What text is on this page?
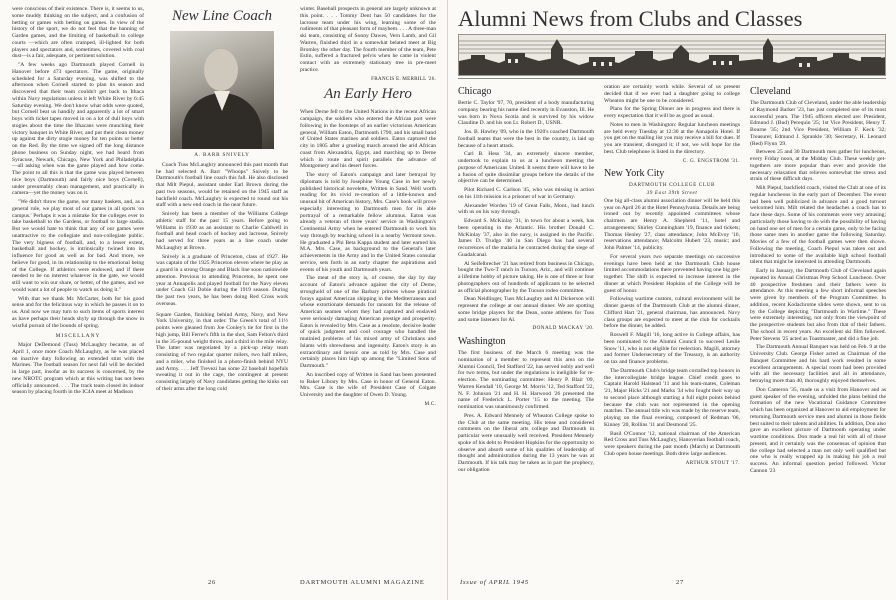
were conscious of their existence. There is, it seems to us, some muddy thinking on the subject, and a confusion of betting or games with betting on games. In view of the history of the sport, we do not feel that the banning of Garden games, and the limiting of basketball to college courts —which are often cramped, ill-lighted for both players and spectators and, sometimes, covered with coal dust—is a fair, adequate, or pertinent solution.

"A few weeks ago Dartmouth played Cornell in Hanover before 473 spectators. The game, originally scheduled for a Saturday evening, was shifted to the afternoon when Cornell started to plan its season and discovered that their team couldn't get back to Ithaca within Navy regulations unless it left White River by 6:45 Saturday evening. We don't know what odds were quoted, but Cornell beat us handily and apparently a lot of smart boys with ticket tapes moved in on a lot of dull boys with stogies about the time the Ithacans were munching their victory banquet in White River, and put their clean money up against the dirty stogie money for ten points or better on the Red. By the time we signed off the long distance phone business on Sunday night, we had heard from Syracuse, Newark, Chicago, New York and Philadelphia—all asking when was the game played and how come. The point to all this is that the game was played between nice boys (Dartmouth) and fairly nice boys (Cornell), under presumably clean management, and practically in camera—yet the money was on it.

"We didn't throw the game, nor many baskets, and, as a general rule, we play most of our games in all sports 'on campus.' Perhaps it was a mistake for the colleges ever to take basketball to the Gardens, or football to large stadia. But we would hate to think that any of our games were unattractive to the collegiate and non-collegiate public. The very bigness of football, and, to a lesser extent, basketball and hockey, is intrinsically twined into its influence for good as well as for bad. And more, we believe for good, in its relationship to the emotional being of the College. If athletics were endowed, and if there needed to be no interest whatever in the gate, we would still want to win our share, or better, of the games, and we would want a lot of people to watch us doing it."

With that we thank Mr. McCarter, both for his good sense and for the felicitous way in which he passes it on to us. And now we may turn to such items of sports interest as have perhaps their heads shyly up through the snow in wistful pursuit of the bounds of spring.

MISCELLANY

Major DeDemond (Tuss) McLaughry became, as of April 1, once more Coach McLaughry, as he was placed on inactive duty following an extended stint with the Marines. The football season for next fall will be decided in large part, insofar as its success is concerned, by the new NROTC program which at this writing has not been officially announced. . . . The track team closed its indoor season by placing fourth in the IC4A meet at Madison

New Line Coach
A. BARR SNIVELY

Coach Tuss McLaughry announced this past month that he had selected A. Barr "Whoops" Snively to be Dartmouth's football line coach this fall. He also disclosed that Milt Piepul, assistant under Earl Brown during the past two seasons, would be retained on the 1945 staff as backfield coach. McLaughry is expected to round out his staff with a new end coach in the near future.

Snively has been a member of the Williams College athletic staff for the past 15 years. Before going to Williams in 1930 as an assistant to Charlie Caldwell in football and head coach of hockey and lacrosse, Snively had served for three years as a line coach under McLaughry at Brown.

Snively is a graduate of Princeton, class of 1927. He was captain of the 1925 Princeton eleven where he play as a guard in a strong Orange and Black line soon nationwide attention. Previous to attending Princeton, he spent one year at Annapolis and played football for the Navy eleven under Coach Gil Dobie during the 1919 season. During the past two years, he has been doing Red Cross work overseas.

Square Garden, finishing behind Army, Navy, and New York University, in that order. The Green's total of 11½ points were gleaned from Joe Conley's tie for first in the high jump, Bill Ferrer's fifth in the shot, Sam Felton's third in the 35-pound weight throw, and a third in the mile relay. The latter was negotiated by a pick-up relay team consisting of two regular quarter milers, two half milers, and a miler, who finished in a photo-finish behind NYU and Army. . . . Jeff Trevezi has some 22 baseball hopefuls sweating it out in the cage, the contingent at present consisting largely of Navy candidates getting the kinks out of their arms after the long cold

winter. Baseball prospects in general are largely unknown at this point. . . . Tommy Dent has 50 candidates for the lacrosse team under his wing, learning some of the rudiments of that pleasant form of mayhem. . . . A three-man ski team, consisting of Sonny Dawes, Vern Lamb, and Gil Warren, finished third in a somewhat belated meet at Big Bromley the other day. The fourth member of the team, Pete Estin, suffered a fractured pelvis when he came in violent contact with an extremely stationary tree in pre-meet practice.

FRANCIS E. MERRILL '26.
An Early Hero

When Derne fell to the United Nations in the recent African campaign, the soldiers who entered the African port were following in the footsteps of an earlier victorious American general, William Eaton, Dartmouth 1790, and his small band of United States marines and soldiers. Eaton captured the city in 1805 after a grueling march around the arid African coast from Alexandria, Egypt, and marching up to Derne which in route and spirit parallels the advance of Montgomery and his desert forces.

The story of Eaton's campaign and later betrayal by diplomats is told by Josephine Young Case in her newly published historical novelette, Written in Sand. Well worth reading for its vivid re-creation of a little-known and unusual bit of American history, Mrs. Case's book will prove especially interesting to Dartmouth men for its able portrayal of a remarkable fellow alumnus. Eaton was already a veteran of three years' service in Washington's Continental Army when he entered Dartmouth to work his way through by teaching school in a nearby Vermont town. He graduated a Phi Beta Kappa student and later earned his M.A. Mrs. Case, as background to the General's later achievements in the Army and in the United States consular service, sets forth in an early chapter the aspirations and events of his youth and Dartmouth years.

The meat of the story is, of course, the day by day account of Eaton's advance against the city of Derne, stronghold of one of the Barbary princes whose piratical forays against American shipping in the Mediterranean and whose extortionate demands for ransom for the release of American seamen whom they had captured and enslaved were seriously damaging American prestige and prosperity. Eaton is revealed by Mrs. Case as a resolute, decisive leader of quick judgment and cool courage who handled the mutinied problems of his mixed army of Christians and Islams with shrewdness and ingenuity. Eaton's story is an extraordinary and heroic one as told by Mrs. Case and certainly places him high up among the "Limited Sons of Dartmouth."

An inscribed copy of Written in Sand has been presented to Baker Library by Mrs. Case in honor of General Eaton. Mrs. Case is the wife of President Case of Colgate University and the daughter of Owen D. Young.

M.C.
26	DARTMOUTH ALUMNI MAGAZINE
Alumni News from Clubs and Classes
Chicago

Bertie C. Taylor '97, 70, president of a body manufacturing company bearing his name died recently in Evanston, Ill. He was born in Nova Scotia and is survived by his widow Claudine D. and his son Lt. Robert D., USNR.

Jos. B. Hawley '09, who in the 1920's coached Dartmouth football teams that were the best in the country, is laid up because of a heart attack.

Carl B. Hess '34, an extremely sincere member, undertook to explain to us at a luncheon meeting the purpose of Americans United. It seems there will have to be a fusion of quite dissimilar groups before the details of the objective can be determined.

Pilot Richard C. Carlson '45, who was missing in action on his 11th mission is a prisoner of war in Germany.

Alexander Worden '19 of Great Falls, Mont., had lunch with us on his way through.

Edward S. McKinlay '31, in town for about a week, has been operating in the Atlantic. His brother Donald C. McKinlay '37, also in the navy, is assigned in the Pacific. James D. Trudgo '40 in San Diego has had several recurrences of the malaria he contracted during the siege of Guadalcanal.

Al Seifelbrecher '21 has retired from business in Chicago, bought the Two-T ranch in Tucson, Ariz., and will continue a lifetime hobby of picture taking. He is one of three or four photographers out of hundreds of applicants to be selected as official photographer by the Tucson rodeo committee.

Dean Neidlinger, Tuss McLaughry and Al Dickerson will represent the college at our annual dinner. We are spotting some bridge players for the Dean, some athletes for Tuss and some listeners for Al.

DONALD MACKAY '20.
Washington

The first business of the March 6 meeting was the nomination of a member to represent this area on the Alumni Council, Ted Stafford '22, has served nobly and well for two terms, but under the regulations is ineligible for re-election. The nominating committee: Henry P. Blair '09, Warren Kendall '10, George M. Morris '12, Ted Stafford '22, N. F. Johnson '21 and H. H. Harwood '26 presented the name of Frederick L. Porter '15 to the meeting. The nomination was unanimously confirmed.

Pres. A. Edward Mennely of Wheaton College spoke to the Club at the same meeting. His tense and considered comments on the liberal arts college and Dartmouth in particular were unusually well received. President Mennely spoke of his debt to President Hopkins for the opportunity to observe and absorb some of his qualities of leadership of thought and administration during the 13 years he was at Dartmouth. If his talk may be taken as in part the prophecy, our obligation

oration are certainly worth while. Several of us present decided that if we ever had a daughter going to college Wheaton might be one to be considered.

Plans for the Spring Dinner are in progress and there is every expectation that it will be as good as usual.

Notes to men in Washington: Regular luncheon meetings are held every Tuesday at 12:30 at the Annapolis Hotel. If you get on the mailing list you may receive a bill for dues. If you are transient, disregard it; if not, we will hope for the best. Club telephone is listed in the directory.

C. G. ENGSTROM '31.
New York City
DARTMOUTH COLLEGE CLUB
39 East 39th Street

One big all-class alumni association dinner will be held this year on April 26 at the Hotel Pennsylvania. Details are being ironed out by recently appointed committees whose chairmen are Henry A. Shepherd '11, hotel and arrangements; Shirley Cunningham '19, finance and tickets; Thomas Henley '27, class attendance; John McEvoy '16, reservations attendance; Malcolm Hubert '23, music; and John Palmer '14, publicity.

For several years two separate meetings on successive evenings have been held at the Dartmouth Club house limited accommodations there prevented having one big get-together. The shift is expected to increase interest in the dinner at which President Hopkins of the College will be guest of honor.

Following wartime custom, cultural environment will be dinner guests of the Dartmouth Club at the alumni dinner, Clifford Hart '21, general chairman, has announced. Navy class groups are expected to meet at the club for cocktails before the dinner, he added.

Roswell F. Magill '16, long active in College affairs, has been nominated to the Alumni Council to succeed Leslie Snow '11, who is not eligible for reelection. Magill, attorney and former Undersecretary of the Treasury, is an authority on tax and finance problems.

The Dartmouth Club's bridge team corralled top honors in the intercollegiate bridge league. Chief credit goes to Captain Harold Halstead '11 and his team-mates, Coleman '21, Major Hicks '21 and Marks '34 who fought their way up to second place although starting a full eight points behind because the club was not represented in the opening matches. The annual title win was made by the reserve team, playing on the final evening, composed of Redman '06, Kinney '20, Rollins '11 and Desmond '25.

Basil O'Connor '12, national chairman of the American Red Cross and Tuss McLaughry, Hanoverian football coach, were speakers during the past month (March) at Dartmouth Club open house meetings. Both drew large audiences.

ARTHUR STOUT '17.
Cleveland

The Dartmouth Club of Cleveland, under the able leadership of Raymond Barker '23, has just completed one of its most successful years. The 1945 officers elected are: President, Edmund J. (Bud) Perequin '25; 1st Vice President, Henry T. Bourne '35; 2nd Vice President, William F. Keck '32; Treasurer, Edmund J. Sprankle '30; Secretary, H. Leonard (Red) Flynn '29.

Between 25 and 30 Dartmouth men gather for luncheons, every Friday noon, at the Midday Club. These weekly get-togethers are more popular than ever and provide the necessary relaxation that relieves somewhat the stress and strain of these difficult days.

Milt Piepul, backfield coach, visited the Club at one of its regular luncheons in the early part of December. The event had been well publicized in advance and a good turnout welcomed him. Milt related the headaches a coach has to face these days. Some of his comments were very amusing; particularly those having to do with the possibility of having on hand one set of men for a certain game, only to be facing those same men in another game the following Saturday. Movies of a few of the football games were then shown. Following the meeting, Coach Piepul was taken out and introduced to some of the available high school football talent that might be interested in attending Dartmouth.

Early in January, the Dartmouth Club of Cleveland again repeated its Annual Christmas Prep School Luncheon. Over 40 prospective freshmen and their fathers were in attendance. At this meeting a few short informal speeches were given by members of the Program Committee. In addition, recent Kodachrome slides were shown, sent to us by the College depicting "Dartmouth in Wartime." These were extremely interesting, not only from the viewpoint of the prospective students but also from that of their fathers. The school in recent years. An excellent ski film followed. Peter Stevens '25 acted as Toastmaster, and did a fine job.

The Dartmouth Annual Banquet was held on Feb. 9 at the University Club. George Fisher acted as Chairman of the Banquet Committee and his hard work resulted in some excellent arrangements. A special room had been provided with all the necessary facilities and all in attendance, betraying more than 40, thoroughly enjoyed themselves.

Don Cameron '35, made us a visit from Hanover and as guest speaker of the evening, unfolded the plans behind the formation of the new Vocational Guidance Committee which has been organized at Hanover to aid employment for returning Dartmouth service men and alumni in those fields best suited to their talents and abilities. In addition, Don also gave an excellent picture of Dartmouth operating under wartime conditions. Don made a real hit with all of those present, and it certainly was the consensus of opinion that the college had selected a man not only well qualified but one who is really wrapped up in making his job a real success. An informal question period followed. Victor Cannon '23

Issue of APRIL 1945	27
